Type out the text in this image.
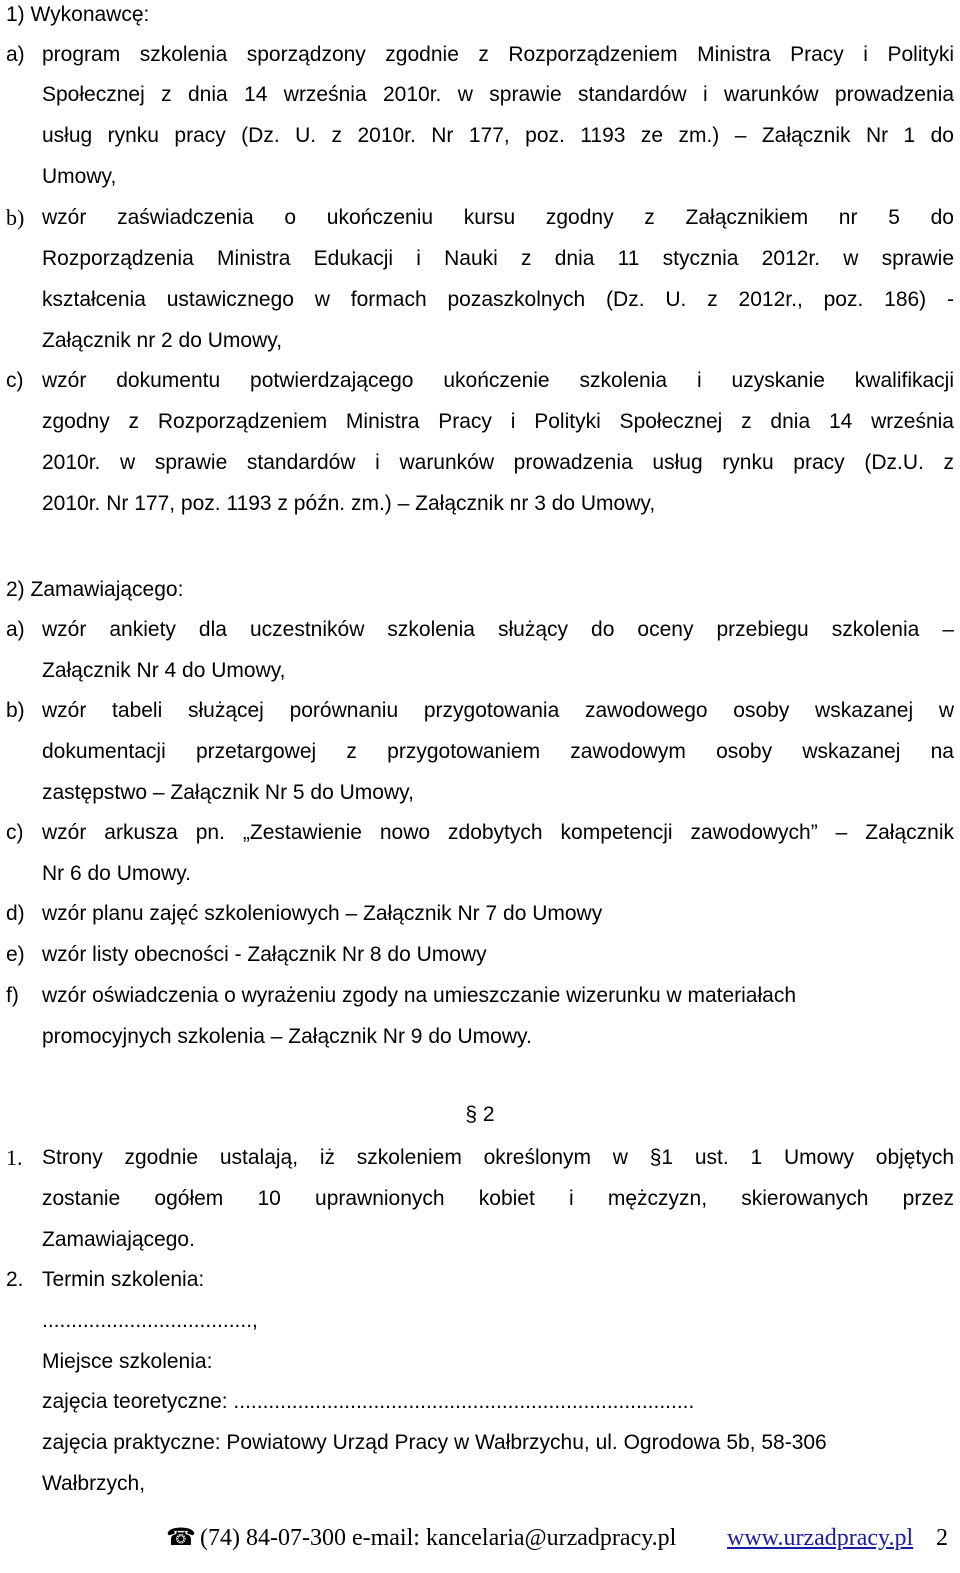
1) Wykonawcę:
a) program szkolenia sporządzony zgodnie z Rozporządzeniem Ministra Pracy i Polityki
Społecznej z dnia 14 września 2010r. w sprawie standardów i warunków prowadzenia
usług rynku pracy (Dz. U. z 2010r. Nr 177, poz. 1193 ze zm.) – Załącznik Nr 1 do
Umowy,
b) wzór zaświadczenia o ukończeniu kursu zgodny z Załącznikiem nr 5 do
Rozporządzenia Ministra Edukacji i Nauki z dnia 11 stycznia 2012r. w sprawie
kształcenia ustawicznego w formach pozaszkolnych (Dz. U. z 2012r., poz. 186) -
Załącznik nr 2 do Umowy,
c) wzór dokumentu potwierdzającego ukończenie szkolenia i uzyskanie kwalifikacji
zgodny z Rozporządzeniem Ministra Pracy i Polityki Społecznej z dnia 14 września
2010r. w sprawie standardów i warunków prowadzenia usług rynku pracy (Dz.U. z
2010r. Nr 177, poz. 1193 z późn. zm.) – Załącznik nr 3 do Umowy,
2) Zamawiającego:
a) wzór ankiety dla uczestników szkolenia służący do oceny przebiegu szkolenia –
Załącznik Nr 4 do Umowy,
b) wzór tabeli służącej porównaniu przygotowania zawodowego osoby wskazanej w
dokumentacji przetargowej z przygotowaniem zawodowym osoby wskazanej na
zastępstwo – Załącznik Nr 5 do Umowy,
c) wzór arkusza pn. „Zestawienie nowo zdobytych kompetencji zawodowych” – Załącznik
Nr 6 do Umowy.
d) wzór planu zajęć szkoleniowych – Załącznik Nr 7 do Umowy
e) wzór listy obecności - Załącznik Nr 8 do Umowy
f) wzór oświadczenia o wyrażeniu zgody na umieszczanie wizerunku w materiałach
promocyjnych szkolenia – Załącznik Nr 9 do Umowy.
§ 2
1. Strony zgodnie ustalają, iż szkoleniem określonym w §1 ust. 1 Umowy objętych
zostanie ogółem 10 uprawnionych kobiet i mężczyzn, skierowanych przez
Zamawiającego.
2. Termin szkolenia:
....................................,
Miejsce szkolenia:
zajęcia teoretyczne: ...............................................................................
zajęcia praktyczne: Powiatowy Urząd Pracy w Wałbrzychu, ul. Ogrodowa 5b, 58-306
Wałbrzych,
☎ (74) 84-07-300 e-mail: kancelaria@urzadpracy.pl www.urzadpracy.pl 2
